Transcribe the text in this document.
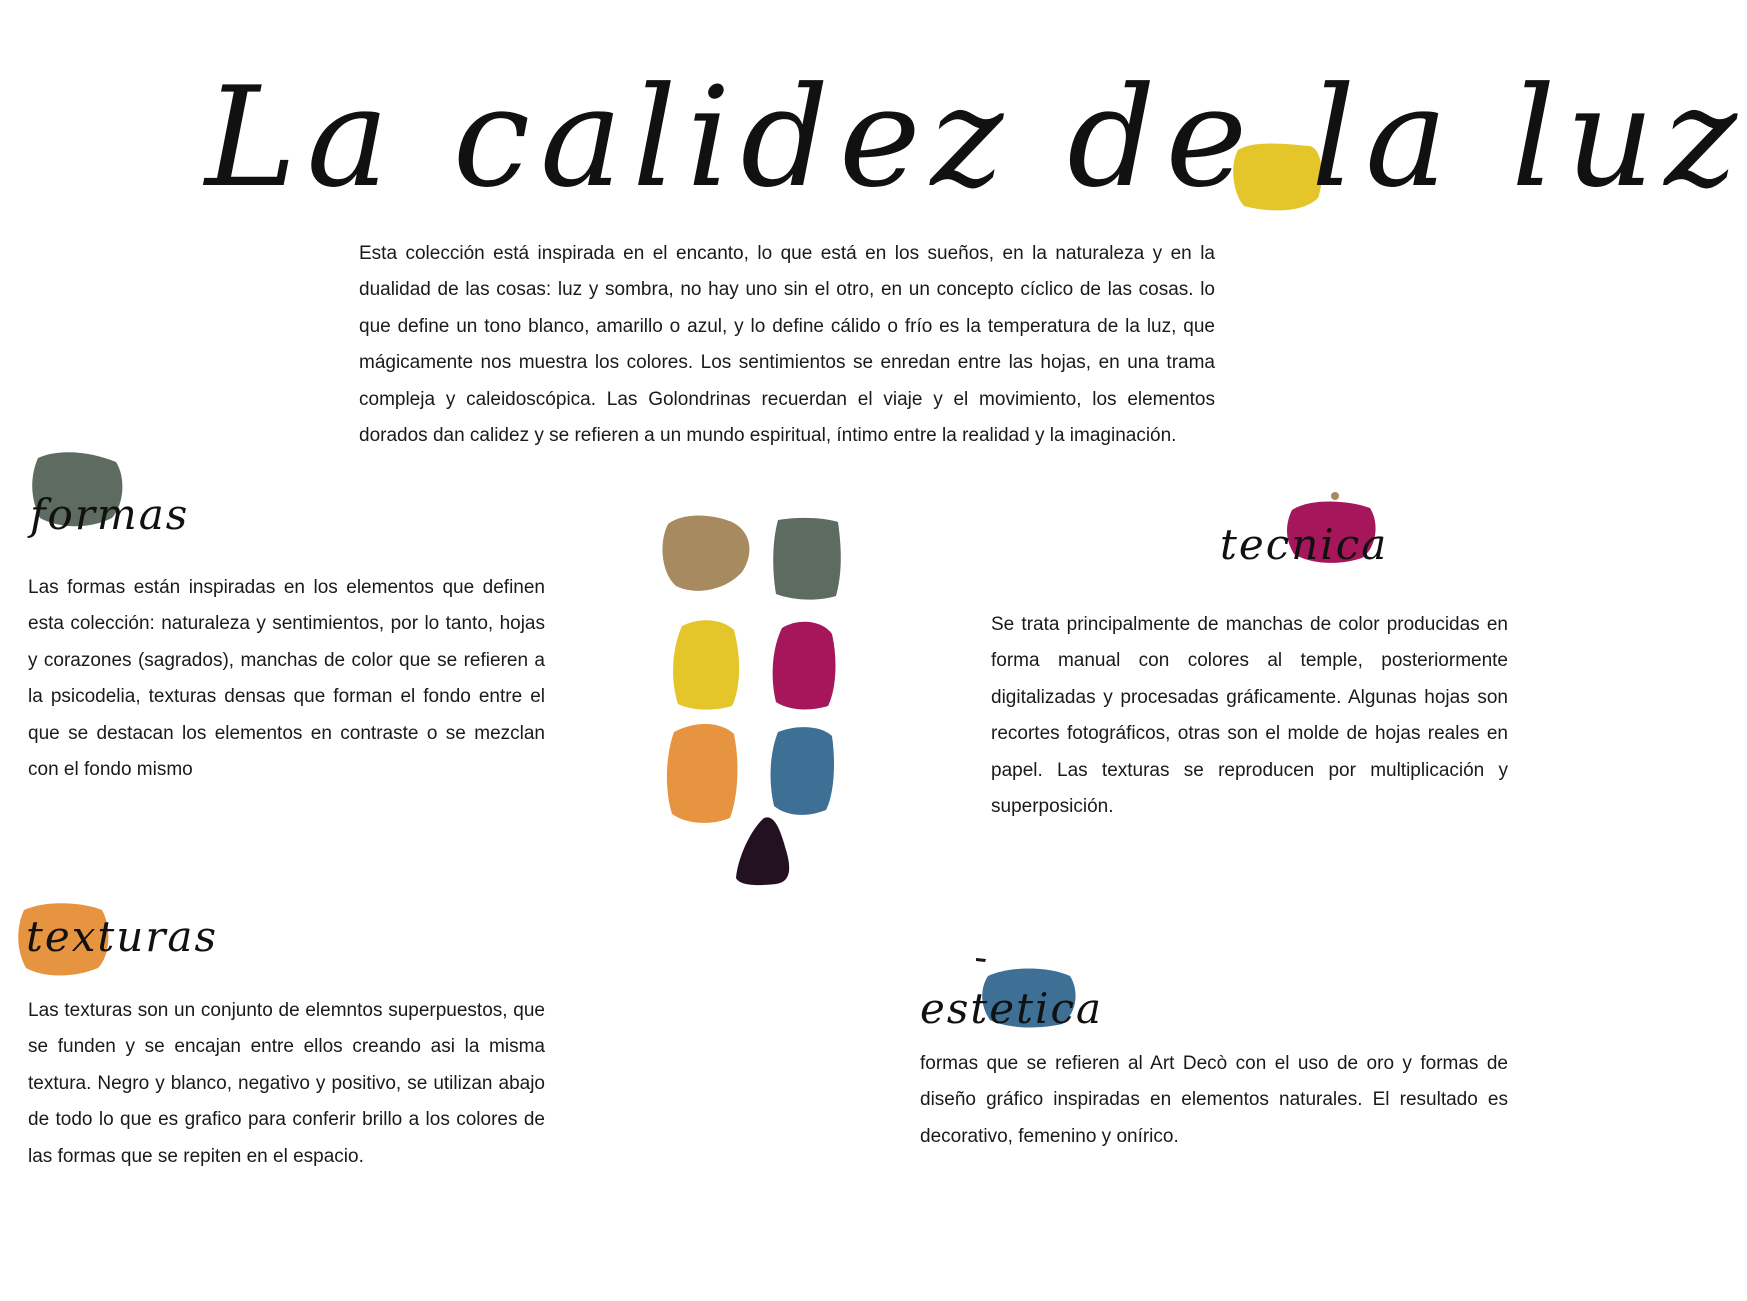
La calidez de la luz
Esta colección está inspirada en el encanto, lo que está en los sueños, en la naturaleza y en la dualidad de las cosas: luz y sombra, no hay uno sin el otro, en un concepto cíclico de las cosas. lo que define un tono blanco, amarillo o azul, y lo define cálido o frío es la temperatura de la luz, que mágicamente nos muestra los colores. Los sentimientos se enredan entre las hojas, en una trama compleja y caleidoscópica. Las Golondrinas recuerdan el viaje y el movimiento, los elementos dorados dan calidez y se refieren a un mundo espiritual, íntimo entre la realidad y la imaginación.
formas
Las formas están inspiradas en los elementos que definen esta colección: naturaleza y sentimientos, por lo tanto, hojas y corazones (sagrados), manchas de color que se refieren a la psicodelia, texturas densas que forman el fondo entre el que se destacan los elementos en contraste o se mezclan con el fondo mismo
tecnica
Se trata principalmente de manchas de color producidas en forma manual con colores al temple, posteriormente digitalizadas y procesadas gráficamente. Algunas hojas son recortes fotográficos, otras son el molde de hojas reales en papel. Las texturas se reproducen por multiplicación y superposición.
texturas
Las texturas son un conjunto de elemntos superpuestos, que se funden y se encajan entre ellos creando asi la misma textura. Negro y blanco, negativo y positivo, se utilizan abajo de todo lo que es grafico para conferir brillo a los colores de las formas que se repiten en el espacio.
estetica
formas que se refieren al Art Decò con el uso de oro y formas de diseño gráfico inspiradas en elementos naturales. El resultado es decorativo, femenino y onírico.
